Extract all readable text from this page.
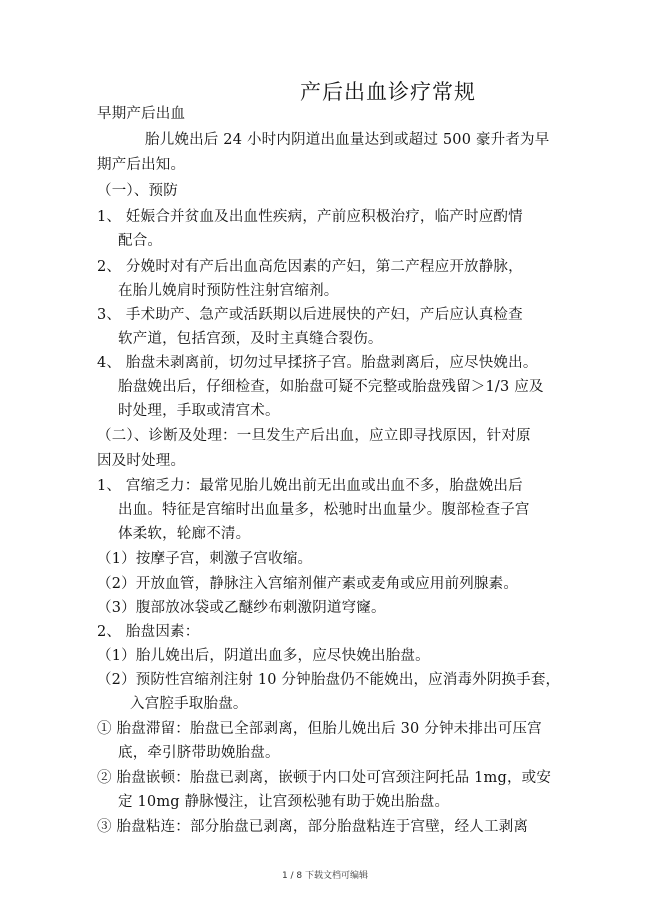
产后出血诊疗常规
早期产后出血
胎儿娩出后 24 小时内阴道出血量达到或超过 500 豪升者为早
期产后出知。
（一）、预防
1、 妊娠合并贫血及出血性疾病，产前应积极治疗，临产时应酌情
配合。
2、 分娩时对有产后出血高危因素的产妇，第二产程应开放静脉，
在胎儿娩肩时预防性注射宫缩剂。
3、 手术助产、急产或活跃期以后进展快的产妇，产后应认真检查
软产道，包括宫颈，及时主真缝合裂伤。
4、 胎盘未剥离前，切勿过早揉挤子宫。胎盘剥离后，应尽快娩出。
胎盘娩出后，仔细检查，如胎盘可疑不完整或胎盘残留＞1/3 应及
时处理，手取或清宫术。
（二）、诊断及处理：一旦发生产后出血，应立即寻找原因，针对原
因及时处理。
1、 宫缩乏力：最常见胎儿娩出前无出血或出血不多，胎盘娩出后
出血。特征是宫缩时出血量多，松驰时出血量少。腹部检查子宫
体柔软，轮廊不清。
（1）按摩子宫，刺激子宫收缩。
（2）开放血管，静脉注入宫缩剂催产素或麦角或应用前列腺素。
（3）腹部放冰袋或乙醚纱布刺激阴道穹窿。
2、 胎盘因素：
（1）胎儿娩出后，阴道出血多，应尽快娩出胎盘。
（2）预防性宫缩剂注射 10 分钟胎盘仍不能娩出，应消毒外阴换手套，
入宫腔手取胎盘。
① 胎盘滞留：胎盘已全部剥离，但胎儿娩出后 30 分钟未排出可压宫
底，牵引脐带助娩胎盘。
② 胎盘嵌顿：胎盘已剥离，嵌顿于内口处可宫颈注阿托品 1mg，或安
定 10mg 静脉慢注，让宫颈松驰有助于娩出胎盘。
③ 胎盘粘连：部分胎盘已剥离，部分胎盘粘连于宫壁，经人工剥离
1 / 8 下载文档可编辑
